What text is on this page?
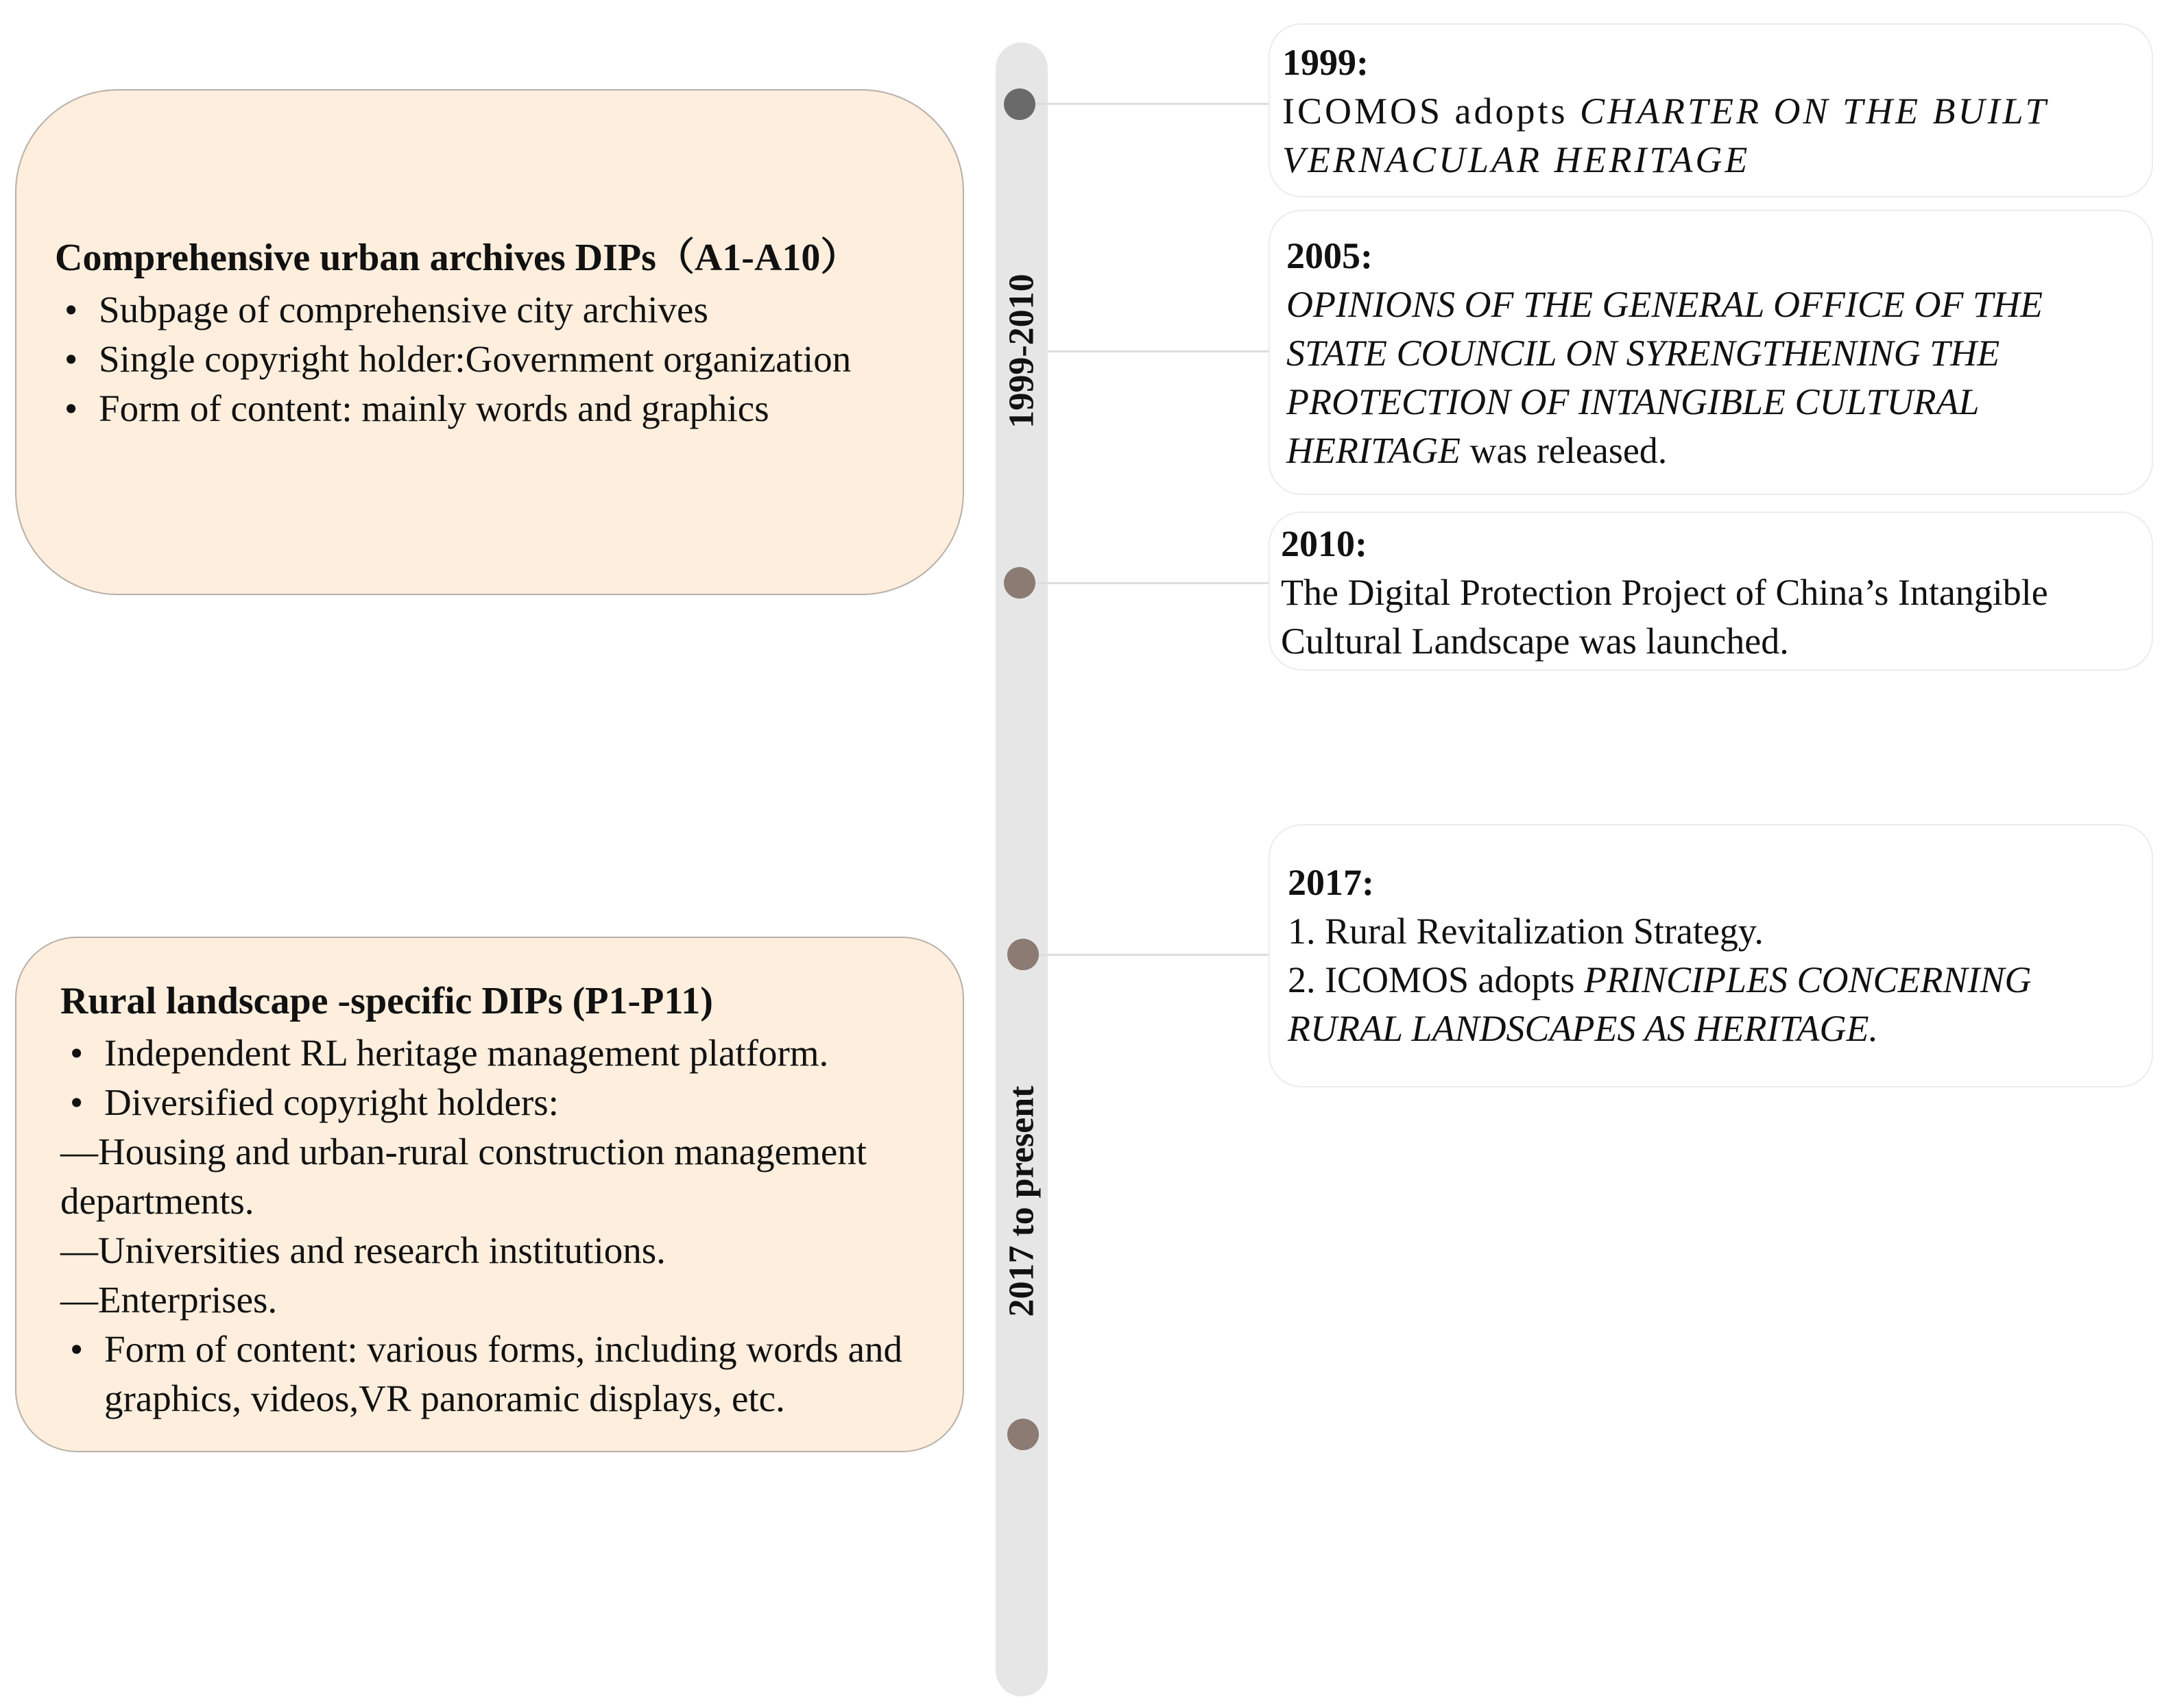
1999-2010
2017 to present
Comprehensive urban archives DIPs（A1-A10）
• Subpage of comprehensive city archives
• Single copyright holder:Government organization
• Form of content: mainly words and graphics
Rural landscape -specific DIPs (P1-P11)
• Independent RL heritage management platform.
• Diversified copyright holders:
—Housing and urban-rural construction management departments.
—Universities and research institutions.
—Enterprises.
• Form of content: various forms, including words and graphics, videos,VR panoramic displays, etc.
1999:

ICOMOS adopts CHARTER ON THE BUILT VERNACULAR HERITAGE

2005:

OPINIONS OF THE GENERAL OFFICE OF THE STATE COUNCIL ON SYRENGTHENING THE PROTECTION OF INTANGIBLE CULTURAL HERITAGE was released.

2010:

The Digital Protection Project of China’s Intangible Cultural Landscape was launched.

2017:

1. Rural Revitalization Strategy.

2. ICOMOS adopts PRINCIPLES CONCERNING RURAL LANDSCAPES AS HERITAGE.
